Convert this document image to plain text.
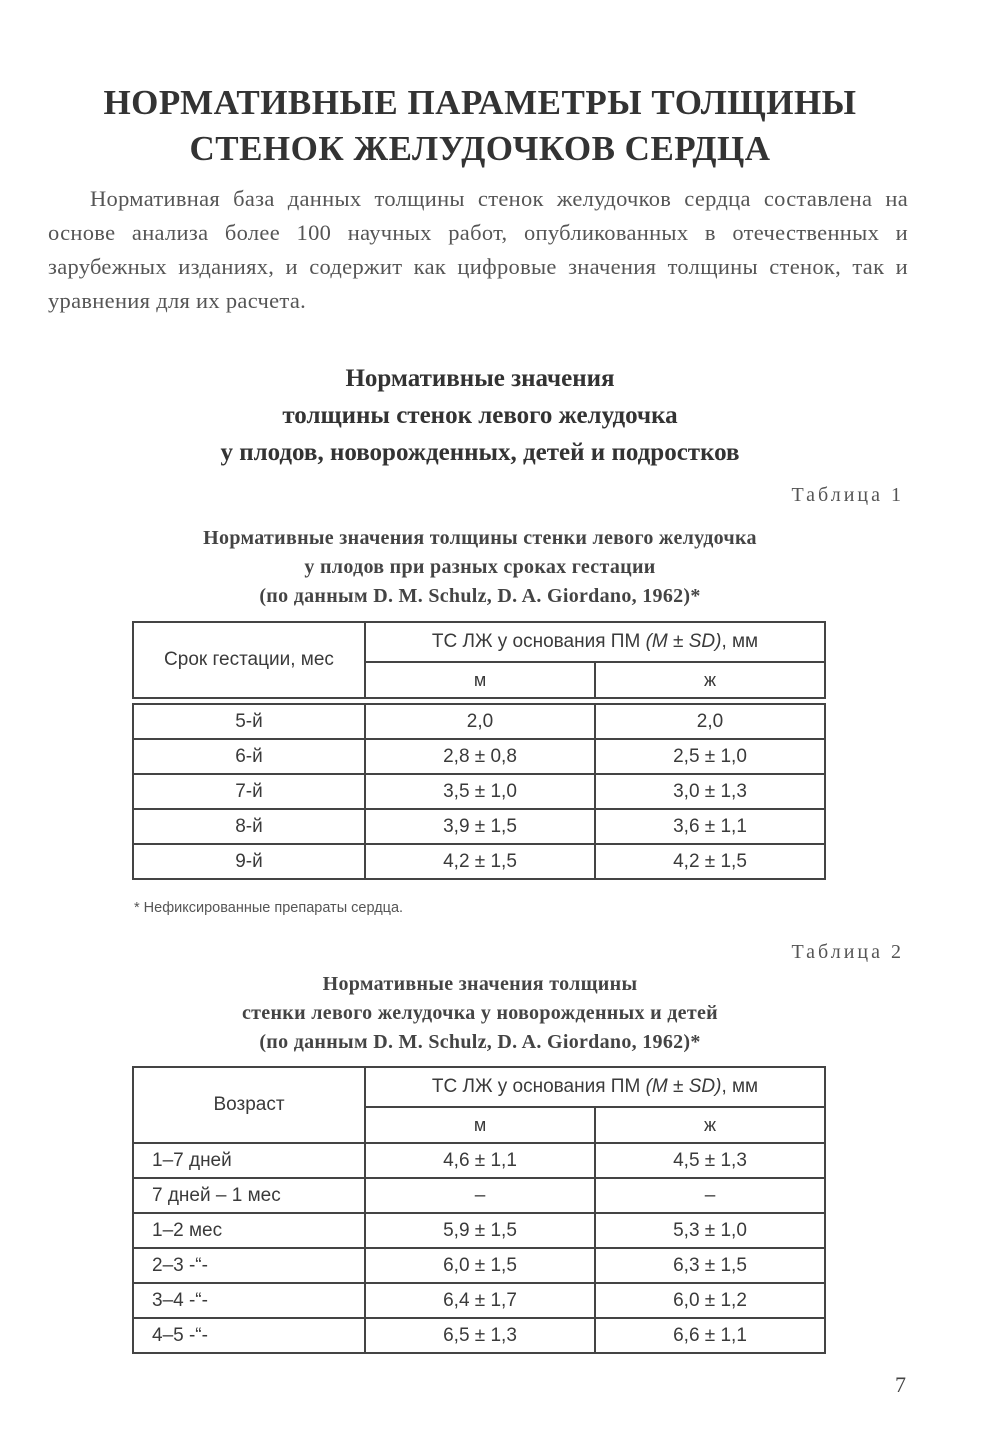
НОРМАТИВНЫЕ ПАРАМЕТРЫ ТОЛЩИНЫ
СТЕНОК ЖЕЛУДОЧКОВ СЕРДЦА

Нормативная база данных толщины стенок желудочков сердца составлена на основе анализа более 100 научных работ, опубликованных в отечественных и зарубежных изданиях, и содержит как цифровые значения толщины стенок, так и уравнения для их расчета.

Нормативные значения
толщины стенок левого желудочка
у плодов, новорожденных, детей и подростков
Таблица 1
Нормативные значения толщины стенки левого желудочка
у плодов при разных сроках гестации
(по данным D. M. Schulz, D. A. Giordano, 1962)*
Срок гестации, мес	ТС ЛЖ у основания ПМ (M ± SD), мм	
	м	ж

5-й	2,0	2,0
6-й	2,8 ± 0,8	2,5 ± 1,0
7-й	3,5 ± 1,0	3,0 ± 1,3
8-й	3,9 ± 1,5	3,6 ± 1,1
9-й	4,2 ± 1,5	4,2 ± 1,5
* Нефиксированные препараты сердца.
Таблица 2
Нормативные значения толщины
стенки левого желудочка у новорожденных и детей
(по данным D. M. Schulz, D. A. Giordano, 1962)*
Возраст	ТС ЛЖ у основания ПМ (M ± SD), мм	
	м	ж
1–7 дней	4,6 ± 1,1	4,5 ± 1,3
7 дней – 1 мес	–	–
1–2 мес	5,9 ± 1,5	5,3 ± 1,0
2–3 -“-	6,0 ± 1,5	6,3 ± 1,5
3–4 -“-	6,4 ± 1,7	6,0 ± 1,2
4–5 -“-	6,5 ± 1,3	6,6 ± 1,1
7
